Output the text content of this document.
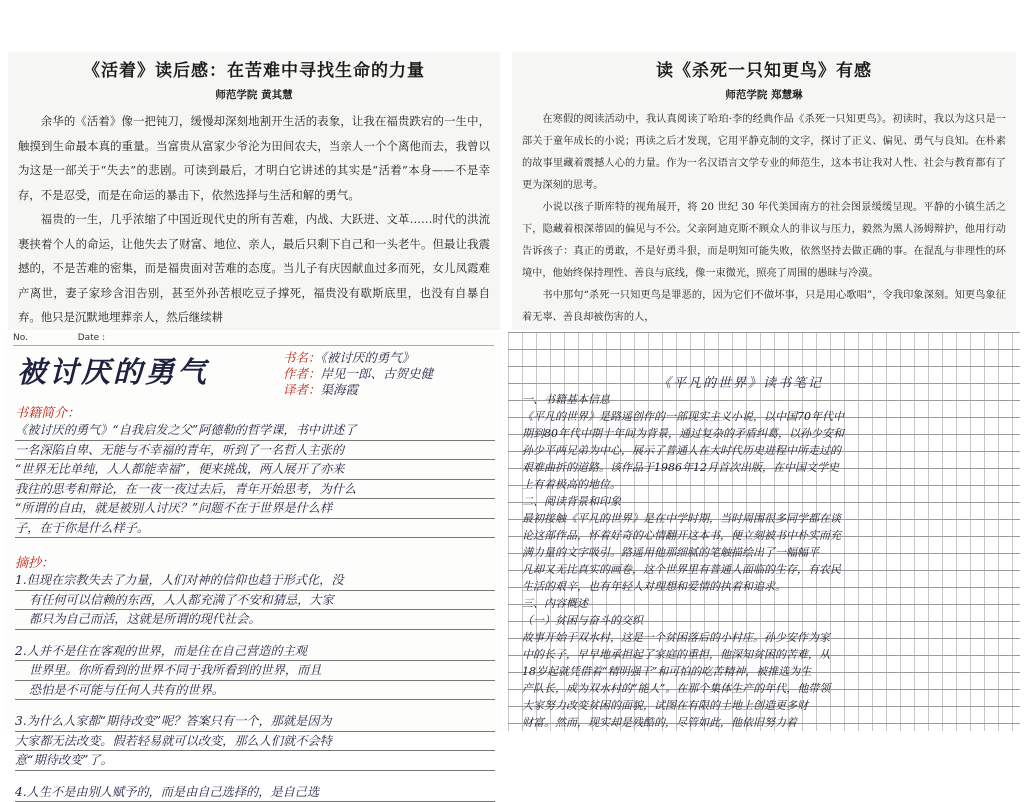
《活着》读后感：在苦难中寻找生命的力量
师范学院 黄其慧

余华的《活着》像一把钝刀，缓慢却深刻地割开生活的表象，让我在福贵跌宕的一生中，触摸到生命最本真的重量。当富贵从富家少爷沦为田间农夫，当亲人一个个离他而去，我曾以为这是一部关于“失去”的悲剧。可读到最后，才明白它讲述的其实是“活着”本身——不是幸存，不是忍受，而是在命运的暴击下，依然选择与生活和解的勇气。

福贵的一生，几乎浓缩了中国近现代史的所有苦难，内战、大跃进、文革……时代的洪流裹挟着个人的命运，让他失去了财富、地位、亲人，最后只剩下自己和一头老牛。但最让我震撼的，不是苦难的密集，而是福贵面对苦难的态度。当儿子有庆因献血过多而死，女儿凤霞难产离世，妻子家珍含泪告别，甚至外孙苦根吃豆子撑死，福贵没有歇斯底里，也没有自暴自弃。他只是沉默地埋葬亲人，然后继续耕

读《杀死一只知更鸟》有感
师范学院 郑慧琳

在寒假的阅读活动中，我认真阅读了哈珀·李的经典作品《杀死一只知更鸟》。初读时，我以为这只是一部关于童年成长的小说；再读之后才发现，它用平静克制的文字，探讨了正义、偏见、勇气与良知。在朴素的故事里藏着震撼人心的力量。作为一名汉语言文学专业的师范生，这本书让我对人性、社会与教育都有了更为深刻的思考。

小说以孩子斯库特的视角展开，将 20 世纪 30 年代美国南方的社会图景缓缓呈现。平静的小镇生活之下，隐藏着根深蒂固的偏见与不公。父亲阿迪克斯不顾众人的非议与压力，毅然为黑人汤姆辩护，他用行动告诉孩子：真正的勇敢，不是好勇斗狠，而是明知可能失败，依然坚持去做正确的事。在混乱与非理性的环境中，他始终保持理性、善良与底线，像一束微光，照亮了周围的愚昧与冷漠。

书中那句“杀死一只知更鸟是罪恶的，因为它们不做坏事，只是用心歌唱”，令我印象深刻。知更鸟象征着无辜、善良却被伤害的人，

No.	Date :
被讨厌的勇气	书名：《被讨厌的勇气》
作者：岸见一郎、古贺史健
译者：渠海霞
书籍简介：

《被讨厌的勇气》“自我启发之父”阿德勒的哲学课，书中讲述了

一名深陷自卑、无能与不幸福的青年，听到了一名哲人主张的

“世界无比单纯，人人都能幸福”，便来挑战，两人展开了亦来

我往的思考和辩论，在一夜一夜过去后，青年开始思考，为什么

“所谓的自由，就是被别人讨厌？”问题不在于世界是什么样

子，在于你是什么样子。

摘抄：

1.但现在宗教失去了力量，人们对神的信仰也趋于形式化，没

有任何可以信赖的东西，人人都充满了不安和猜忌，大家

都只为自己而活，这就是所谓的现代社会。

2.人并不是住在客观的世界，而是住在自己营造的主观

世界里。你所看到的世界不同于我所看到的世界，而且

恐怕是不可能与任何人共有的世界。

3.为什么人家都“期待改变”呢？答案只有一个，那就是因为

大家都无法改变。假若轻易就可以改变，那么人们就不会特

意“期待改变”了。

4.人生不是由别人赋予的，而是由自己选择的，是自己选

《平凡的世界》读书笔记

一、书籍基本信息

《平凡的世界》是路遥创作的一部现实主义小说，以中国70年代中

期到80年代中期十年间为背景，通过复杂的矛盾纠葛，以孙少安和

孙少平两兄弟为中心，展示了普通人在大时代历史进程中所走过的

艰难曲折的道路。该作品于1986年12月首次出版，在中国文学史

上有着极高的地位。

二、阅读背景和印象

最初接触《平凡的世界》是在中学时期，当时周围很多同学都在谈

论这部作品，怀着好奇的心情翻开这本书，便立刻被书中朴实而充

满力量的文字吸引。路遥用他那细腻的笔触描绘出了一幅幅平

凡却又无比真实的画卷，这个世界里有普通人面临的生存，有农民

生活的艰辛，也有年轻人对理想和爱情的执着和追求。

三、内容概述

（一）贫困与奋斗的交织

故事开始于双水村，这是一个贫困落后的小村庄。孙少安作为家

中的长子，早早地承担起了家庭的重担，他深知贫困的苦难，从

18岁起就凭借着“精明强干”和可怕的吃苦精神，被推选为生

产队长，成为双水村的“能人”。在那个集体生产的年代，他带领

大家努力改变贫困的面貌，试图在有限的土地上创造更多财

财富。然而，现实却是残酷的，尽管如此，他依旧努力着
